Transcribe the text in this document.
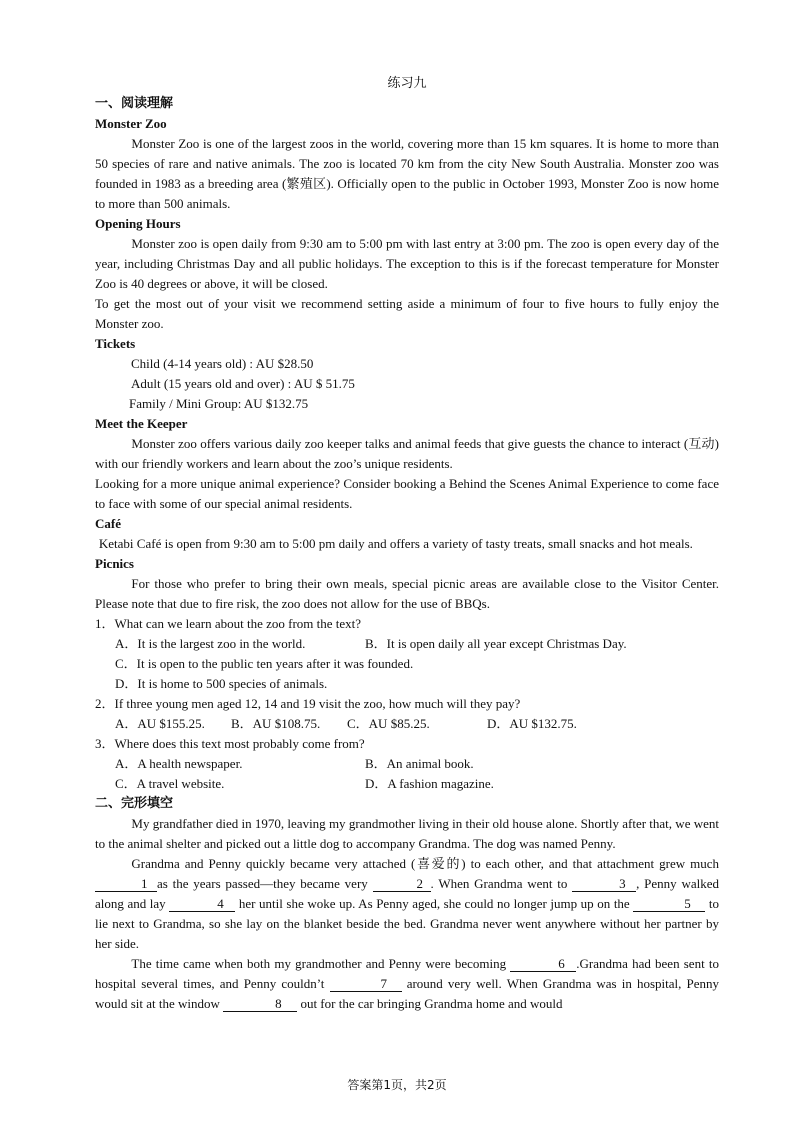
练习九

一、阅读理解

Monster Zoo

Monster Zoo is one of the largest zoos in the world, covering more than 15 km squares. It is home to more than 50 species of rare and native animals. The zoo is located 70 km from the city New South Australia. Monster zoo was founded in 1983 as a breeding area (繁殖区). Officially open to the public in October 1993, Monster Zoo is now home to more than 500 animals.

Opening Hours

Monster zoo is open daily from 9:30 am to 5:00 pm with last entry at 3:00 pm. The zoo is open every day of the year, including Christmas Day and all public holidays. The exception to this is if the forecast temperature for Monster Zoo is 40 degrees or above, it will be closed.

To get the most out of your visit we recommend setting aside a minimum of four to five hours to fully enjoy the Monster zoo.

Tickets

Child (4-14 years old) : AU $28.50

Adult (15 years old and over) : AU $ 51.75

Family / Mini Group: AU $132.75

Meet the Keeper

Monster zoo offers various daily zoo keeper talks and animal feeds that give guests the chance to interact (互动) with our friendly workers and learn about the zoo’s unique residents.

Looking for a more unique animal experience? Consider booking a Behind the Scenes Animal Experience to come face to face with some of our special animal residents.

Café

Ketabi Café is open from 9:30 am to 5:00 pm daily and offers a variety of tasty treats, small snacks and hot meals.

Picnics

For those who prefer to bring their own meals, special picnic areas are available close to the Visitor Center. Please note that due to fire risk, the zoo does not allow for the use of BBQs.

1．What can we learn about the zoo from the text?

A．It is the largest zoo in the world.	B．It is open daily all year except Christmas Day.
C．It is open to the public ten years after it was founded.
D．It is home to 500 species of animals.

2．If three young men aged 12, 14 and 19 visit the zoo, how much will they pay?

A．AU $155.25.	B．AU $108.75.	C．AU $85.25.	D．AU $132.75.

3．Where does this text most probably come from?

A．A health newspaper.	B．An animal book.
C．A travel website.	D．A fashion magazine.

二、完形填空

My grandfather died in 1970, leaving my grandmother living in their old house alone. Shortly after that, we went to the animal shelter and picked out a little dog to accompany Grandma. The dog was named Penny.

Grandma and Penny quickly became very attached (喜爱的) to each other, and that attachment grew much 1 as the years passed—they became very	2 . When Grandma went to	3 , Penny walked along and lay	4 her until she woke up. As Penny aged, she could no longer jump up on the	5 to lie next to Grandma, so she lay on the blanket beside the bed. Grandma never went anywhere without her partner by her side.

The time came when both my grandmother and Penny were becoming	6 .Grandma had been sent to hospital several times, and Penny couldn’t	7 around very well. When Grandma was in hospital, Penny would sit at the window	8 out for the car bringing Grandma home and would

答案第1页，共2页
